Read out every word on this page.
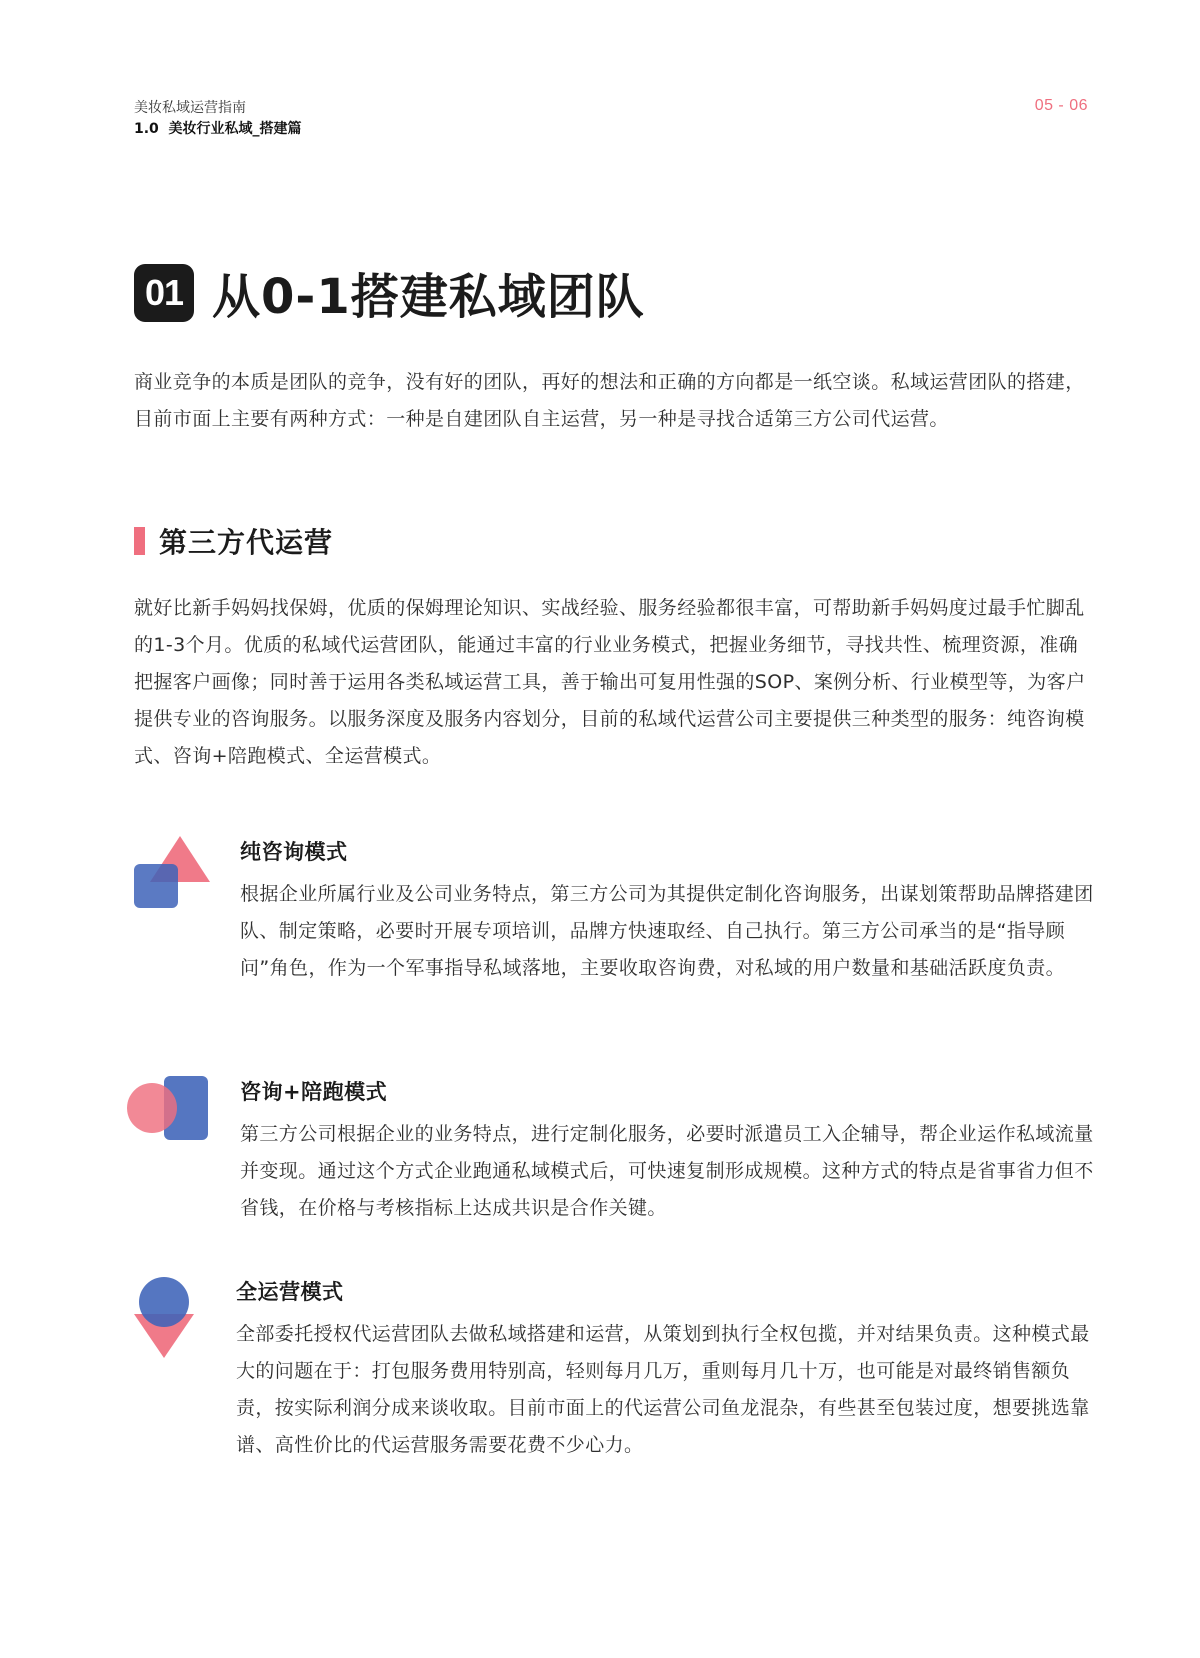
美妆私域运营指南

1.0  美妆行业私域_搭建篇

05 - 06
01 从0-1搭建私域团队

商业竞争的本质是团队的竞争，没有好的团队，再好的想法和正确的方向都是一纸空谈。私域运营团队的搭建，目前市面上主要有两种方式：一种是自建团队自主运营，另一种是寻找合适第三方公司代运营。

第三方代运营

就好比新手妈妈找保姆，优质的保姆理论知识、实战经验、服务经验都很丰富，可帮助新手妈妈度过最手忙脚乱的1-3个月。优质的私域代运营团队，能通过丰富的行业业务模式，把握业务细节，寻找共性、梳理资源，准确把握客户画像；同时善于运用各类私域运营工具，善于输出可复用性强的SOP、案例分析、行业模型等，为客户提供专业的咨询服务。以服务深度及服务内容划分，目前的私域代运营公司主要提供三种类型的服务：纯咨询模式、咨询+陪跑模式、全运营模式。

纯咨询模式

根据企业所属行业及公司业务特点，第三方公司为其提供定制化咨询服务，出谋划策帮助品牌搭建团队、制定策略，必要时开展专项培训，品牌方快速取经、自己执行。第三方公司承当的是“指导顾问”角色，作为一个军事指导私域落地，主要收取咨询费，对私域的用户数量和基础活跃度负责。

咨询+陪跑模式

第三方公司根据企业的业务特点，进行定制化服务，必要时派遣员工入企辅导，帮企业运作私域流量并变现。通过这个方式企业跑通私域模式后，可快速复制形成规模。这种方式的特点是省事省力但不省钱，在价格与考核指标上达成共识是合作关键。

全运营模式

全部委托授权代运营团队去做私域搭建和运营，从策划到执行全权包揽，并对结果负责。这种模式最大的问题在于：打包服务费用特别高，轻则每月几万，重则每月几十万，也可能是对最终销售额负责，按实际利润分成来谈收取。目前市面上的代运营公司鱼龙混杂，有些甚至包装过度，想要挑选靠谱、高性价比的代运营服务需要花费不少心力。
